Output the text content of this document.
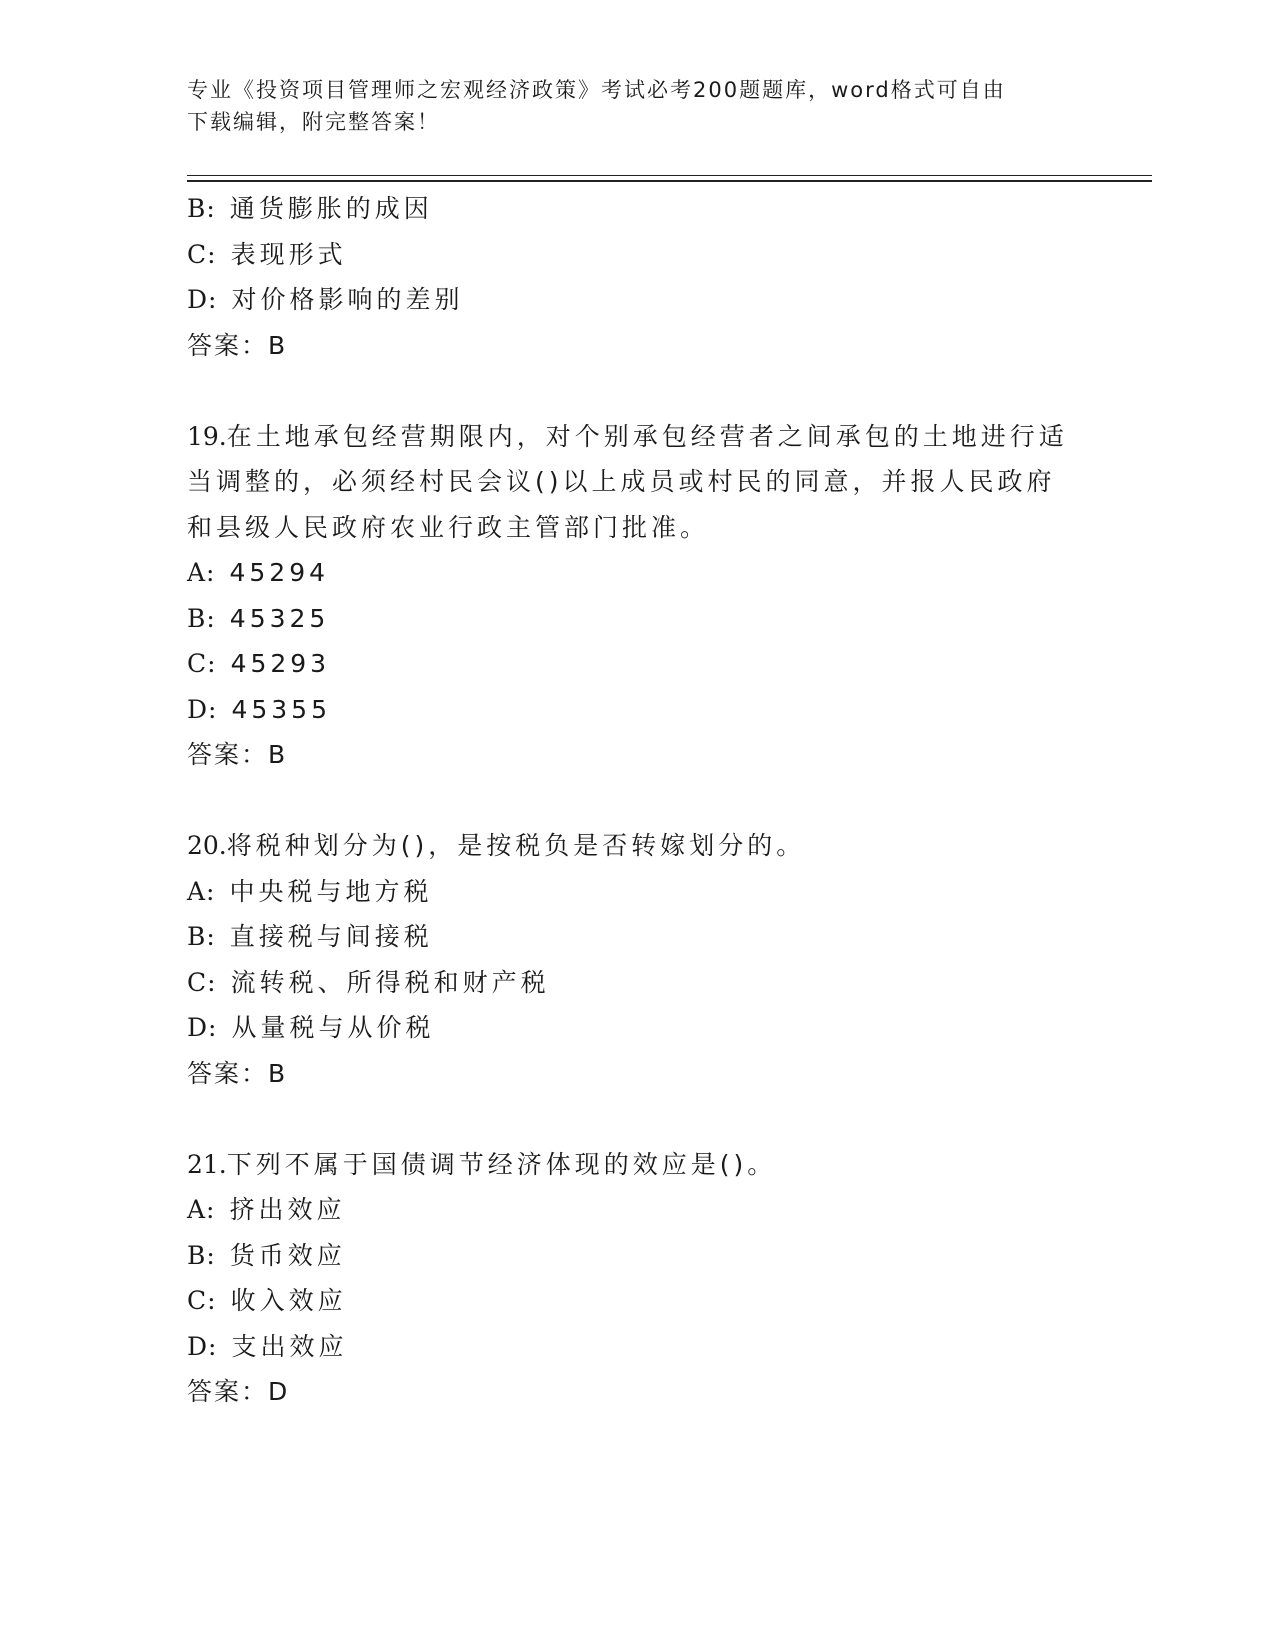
专业《投资项目管理师之宏观经济政策》考试必考200题题库，word格式可自由
下载编辑，附完整答案！
B: 通货膨胀的成因
C: 表现形式
D: 对价格影响的差别
答案：B
19.在土地承包经营期限内，对个别承包经营者之间承包的土地进行适
当调整的，必须经村民会议()以上成员或村民的同意，并报人民政府
和县级人民政府农业行政主管部门批准。
A: 45294
B: 45325
C: 45293
D: 45355
答案：B
20.将税种划分为()，是按税负是否转嫁划分的。
A: 中央税与地方税
B: 直接税与间接税
C: 流转税、所得税和财产税
D: 从量税与从价税
答案：B
21.下列不属于国债调节经济体现的效应是()。
A: 挤出效应
B: 货币效应
C: 收入效应
D: 支出效应
答案：D
